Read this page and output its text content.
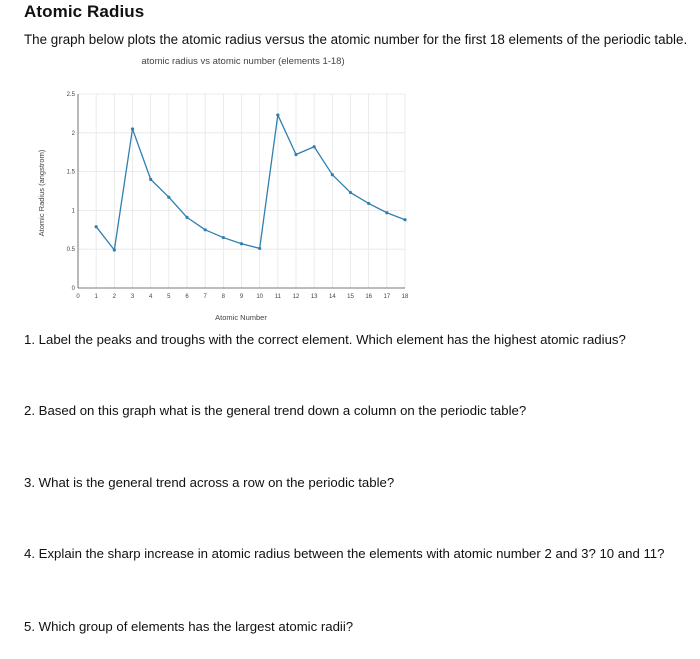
Atomic Radius
The graph below plots the atomic radius versus the atomic number for the first 18 elements of the periodic table.
atomic radius vs atomic number (elements 1-18)
0 1 2 3 4 5 6 7 8 9 10 11 12 13 14 15 16 17 18
0
0.5
1
1.5
2
2.5
Atomic Number
Atomic Radius (angstrom)
1. Label the peaks and troughs with the correct element. Which element has the highest atomic radius?
2. Based on this graph what is the general trend down a column on the periodic table?
3. What is the general trend across a row on the periodic table?
4. Explain the sharp increase in atomic radius between the elements with atomic number 2 and 3? 10 and 11?
5. Which group of elements has the largest atomic radii?
